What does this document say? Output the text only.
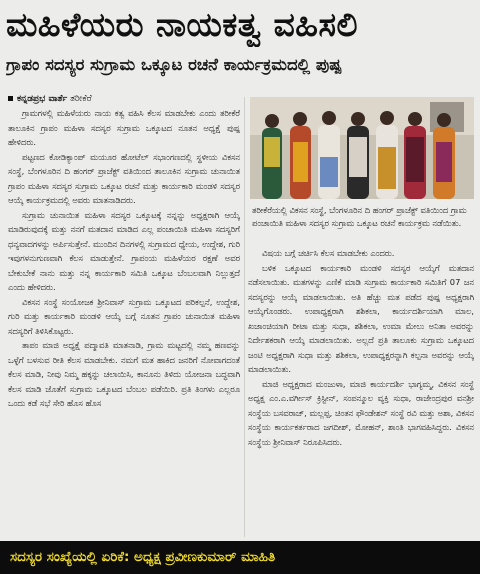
ಮಹಿಳೆಯರು ನಾಯಕತ್ವ ವಹಿಸಲಿ
ಗ್ರಾಪಂ ಸದಸ್ಯರ ಸುಗ್ರಾಮ ಒಕ್ಕೂಟ ರಚನೆ ಕಾರ್ಯಕ್ರಮದಲ್ಲಿ ಪುಷ್ಪ
ಕನ್ನಡಪ್ರಭ ವಾರ್ತೆ ತರೀಕೆರೆ

ಗ್ರಾಮಗಳಲ್ಲಿ ಮಹಿಳೆಯರು ನಾಯ ಕತ್ವ ವಹಿಸಿ ಕೆಲಸ ಮಾಡಬೇಕು ಎಂದು ತರೀಕೆರೆ ತಾಲೂಕಿನ ಗ್ರಾಪಂ ಮಹಿಳಾ ಸದಸ್ಯರ ಸುಗ್ರಾಮ ಒಕ್ಕೂಟದ ನೂತನ ಅಧ್ಯಕ್ಷೆ ಪುಷ್ಪ ಹೇಳಿದರು.

ಪಟ್ಟಣದ ಕೋಡಿಕ್ಯಾಂಪ್ ಮಯೂರ ಹೋಟೆಲ್ ಸಭಾಂಗಣದಲ್ಲಿ ಸ್ಥಳೀಯ ವಿಕಸನ ಸಂಸ್ಥೆ, ಬೆಂಗಳೂರಿನ ದಿ ಹಂಗರ್ ಪ್ರಾಜೆಕ್ಟ್ ವತಿಯಿಂದ ತಾಲೂಕಿನ ಸುಗ್ರಾಮ ಚುನಾಯಿತ ಗ್ರಾಪಂ ಮಹಿಳಾ ಸದಸ್ಯರ ಸುಗ್ರಾಮ ಒಕ್ಕೂಟ ರಚನೆ ಮತ್ತು ಕಾರ್ಯಕಾರಿ ಮಂಡಳಿ ಸದಸ್ಯರ ಆಯ್ಕೆ ಕಾರ್ಯಕ್ರಮದಲ್ಲಿ ಅವರು ಮಾತನಾಡಿದರು.

ಸುಗ್ರಾಮ ಚುನಾಯಿತ ಮಹಿಳಾ ಸದಸ್ಯರ ಒಕ್ಕೂಟಕ್ಕೆ ನನ್ನನ್ನು ಅಧ್ಯಕ್ಷರಾಗಿ ಆಯ್ಕೆ ಮಾಡಿರುವುದಕ್ಕೆ ಮತ್ತು ನನಗೆ ಮತದಾನ ಮಾಡಿದ ಎಲ್ಲ ಪಂಚಾಯಿತಿ ಮಹಿಳಾ ಸದಸ್ಯರಿಗೆ ಧನ್ಯವಾದಗಳನ್ನು ಅರ್ಪಿಸುತ್ತೇನೆ. ಮುಂದಿನ ದಿನಗಳಲ್ಲಿ ಸುಗ್ರಾಮದ ಧ್ಯೇಯ, ಉದ್ದೇಶ, ಗುರಿ ಇವುಗಳನುಗುಣವಾಗಿ ಕೆಲಸ ಮಾಡುತ್ತೇನೆ. ಗ್ರಾಪಂಯ ಮಹಿಳೆಯರ ರಕ್ಷಣೆ ಅವರ ಬೇಕುಬೇಕೆ ನಾನು ಮತ್ತು ನನ್ನ ಕಾರ್ಯಕಾರಿ ಸಮಿತಿ ಒಕ್ಕೂಟ ಬೆಂಬಲವಾಗಿ ನಿಲ್ಲುತ್ತದೆ ಎಂದು ಹೇಳಿದರು.

ವಿಕಸನ ಸಂಸ್ಥೆ ಸಂಯೋಜಕ ಶ್ರೀನಿವಾಸ್ ಸುಗ್ರಾಮ ಒಕ್ಕೂಟದ ಪರಿಕಲ್ಪನೆ, ಉದ್ದೇಶ, ಗುರಿ ಮತ್ತು ಕಾರ್ಯಕಾರಿ ಮಂಡಳಿ ಆಯ್ಕೆ ಬಗ್ಗೆ ನೂತನ ಗ್ರಾಪಂ ಚುನಾಯಿತ ಮಹಿಳಾ ಸದಸ್ಯರಿಗೆ ತಿಳಿಸಿಕೊಟ್ಟರು.

ತಾಪಂ ಮಾಜಿ ಅಧ್ಯಕ್ಷೆ ಪದ್ಮಾವತಿ ಮಾತನಾಡಿ, ಗ್ರಾಮ ಮಟ್ಟದಲ್ಲಿ ನಮ್ಮ ಹಣವನ್ನು ಒಳ್ಳೆಗೆ ಬಳಸುವ ರೀತಿ ಕೆಲಸ ಮಾಡಬೇಕು. ನಮಗೆ ಮತ ಹಾಕಿದ ಜನರಿಗೆ ನೋವಾಗದಂತೆ ಕೆಲಸ ಮಾಡಿ, ನೀವು ನಿಮ್ಮ ಹಕ್ಕನ್ನು ಚಲಾಯಿಸಿ, ಕಾನೂನು ತಿಳಿದು ಯೋಜನಾ ಬದ್ಧವಾಗಿ ಕೆಲಸ ಮಾಡಿ ಜೊತೆಗೆ ಸುಗ್ರಾಮ ಒಕ್ಕೂಟದ ಬೆಂಬಲ ಪಡೆಯಿರಿ. ಪ್ರತಿ ತಿಂಗಳು ಎಲ್ಲರೂ ಒಂದು ಕಡೆ ಸಭೆ ಸೇರಿ ಹೊಸ ಹೊಸ

ತರೀಕೆರೆಯಲ್ಲಿ ವಿಕಸನ ಸಂಸ್ಥೆ, ಬೆಂಗಳೂರಿನ ದಿ ಹಂಗರ್ ಪ್ರಾಜೆಕ್ಟ್ ವತಿಯಿಂದ ಗ್ರಾಮ ಪಂಚಾಯಿತಿ ಮಹಿಳಾ ಸದಸ್ಯರ ಸುಗ್ರಾಮ ಒಕ್ಕೂಟ ರಚನೆ ಕಾರ್ಯಕ್ರಮ ನಡೆಯಿತು.

ವಿಷಯ ಬಗ್ಗೆ ಚರ್ಚಿಸಿ ಕೆಲಸ ಮಾಡಬೇಕು ಎಂದರು.

ಬಳಿಕ ಒಕ್ಕೂಟದ ಕಾರ್ಯಕಾರಿ ಮಂಡಳಿ ಸದಸ್ಯರ ಆಯ್ಕೆಗೆ ಮತದಾನ ನಡೆಸಲಾಯಿತು. ಮತಗಳನ್ನು ಎಣಿಕೆ ಮಾಡಿ ಸುಗ್ರಾಮ ಕಾರ್ಯಕಾರಿ ಸಮಿತಿಗೆ 07 ಜನ ಸದಸ್ಯರನ್ನು ಆಯ್ಕೆ ಮಾಡಲಾಯಿತು. ಅತಿ ಹೆಚ್ಚು ಮತ ಪಡೆದ ಪುಷ್ಪ ಅಧ್ಯಕ್ಷರಾಗಿ ಆಯ್ಕೆಗೊಂಡರು. ಉಪಾಧ್ಯಕ್ಷರಾಗಿ ಶಶಿಕಲಾ, ಕಾರ್ಯದರ್ಶಿಯಾಗಿ ಮಾಲ, ಖಜಾಂಚಿಯಾಗಿ ರೀಟಾ ಮತ್ತು ಸುಧಾ, ಶಶಿಕಲಾ, ಉಮಾ ಮೇಲು ಅನಿತಾ ಅವರನ್ನು ನಿರ್ದೇಶಕರಾಗಿ ಆಯ್ಕೆ ಮಾಡಲಾಯಿತು. ಅಲ್ಲದೆ ಪ್ರತಿ ತಾಲೂಕು ಸುಗ್ರಾಮ ಒಕ್ಕೂಟದ ಜಂಟಿ ಅಧ್ಯಕ್ಷರಾಗಿ ಸುಧಾ ಮತ್ತು ಶಶಿಕಲಾ, ಉಪಾಧ್ಯಕ್ಷರನ್ನಾಗಿ ಕಲ್ಪನಾ ಅವರನ್ನು ಆಯ್ಕೆ ಮಾಡಲಾಯಿತು.

ಮಾಜಿ ಅಧ್ಯಕ್ಷರಾದ ಮಂಜುಳಾ, ಮಾಜಿ ಕಾರ್ಯದರ್ಶಿ ಭಾಗ್ಯಮ್ಮ, ವಿಕಸನ ಸಂಸ್ಥೆ ಅಧ್ಯಕ್ಷ ಎಂ.ಎ.ವರ್ಗೀಸ್ ಕ್ರಿಸ್ಟೀನ್, ಸಂಪನ್ಮೂಲ ವ್ಯಕ್ತಿ ಸುಧಾ, ರಾಜೇಂದ್ರಪುರ ವನಶ್ರೀ ಸಂಸ್ಥೆಯ ಬಸವರಾಜ್, ಮಲ್ಲಪ್ಪ, ಚಿಂತನ ಫೌಂಡೇಶನ್ ಸಂಸ್ಥೆ ರವಿ ಮತ್ತು ಅಶಾ, ವಿಕಸನ ಸಂಸ್ಥೆಯ ಕಾರ್ಯಕರ್ತರಾದ ಜಗದೀಶ್, ಮೋಹನ್, ಶಾಂತಿ ಭಾಗವಹಿಸಿದ್ದರು. ವಿಕಸನ ಸಂಸ್ಥೆಯ ಶ್ರೀನಿವಾಸ್ ನಿರೂಪಿಸಿದರು.

ಸದಸ್ಯರ ಸಂಖ್ಯೆಯಲ್ಲಿ ಏರಿಕೆ: ಅಧ್ಯಕ್ಷ ಪ್ರವೀಣಕುಮಾರ್ ಮಾಹಿತಿ
